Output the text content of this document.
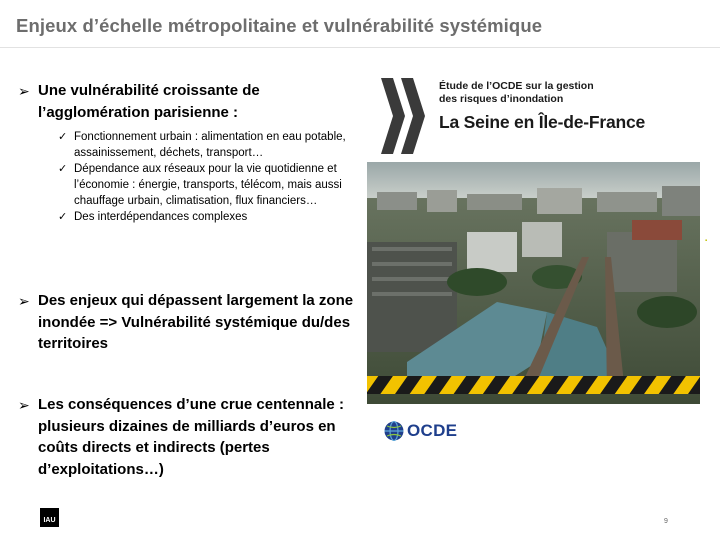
Enjeux d’échelle métropolitaine et vulnérabilité systémique
➢ Une vulnérabilité croissante de l’agglomération parisienne :
✓ Fonctionnement urbain : alimentation en eau potable, assainissement, déchets, transport…
✓ Dépendance aux réseaux pour la vie quotidienne et l’économie : énergie, transports, télécom, mais aussi chauffage urbain, climatisation, flux financiers…
✓ Des interdépendances complexes
➢ Des enjeux qui dépassent largement la zone inondée => Vulnérabilité systémique du/des territoires
➢ Les conséquences d’une crue centennale : plusieurs dizaines de milliards d’euros en coûts directs et indirects (pertes d’exploitations…)
Étude de l’OCDE sur la gestion
des risques d’inondation
La Seine en Île-de-France
▪
OCDE
IAU	9
